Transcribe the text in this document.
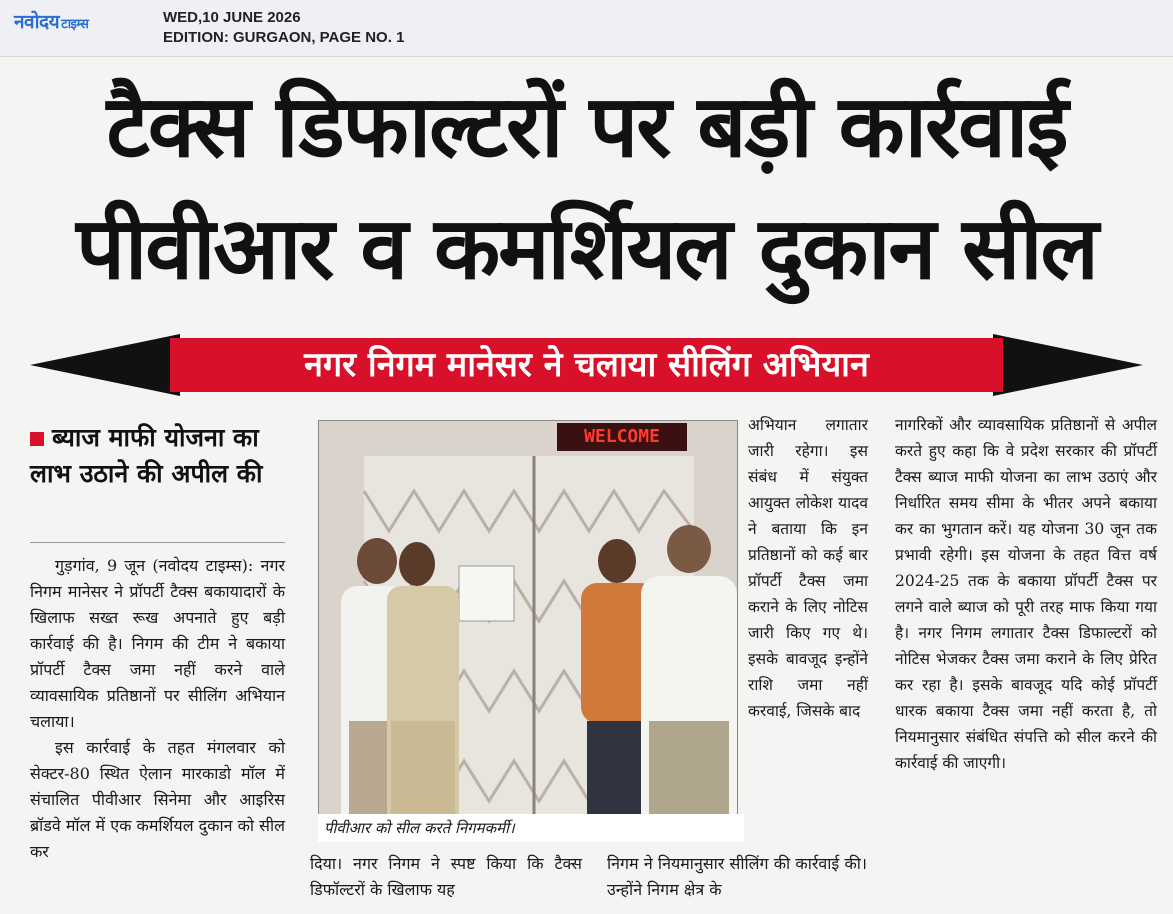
नवोदय टाइम्स	WED,10 JUNE 2026
EDITION: GURGAON, PAGE NO. 1
टैक्स डिफाल्टरों पर बड़ी कार्रवाई
पीवीआर व कमर्शियल दुकान सील
नगर निगम मानेसर ने चलाया सीलिंग अभियान
ब्याज माफी योजना का लाभ उठाने की अपील की

गुड़गांव, 9 जून (नवोदय टाइम्स): नगर निगम मानेसर ने प्रॉपर्टी टैक्स बकायादारों के खिलाफ सख्त रूख अपनाते हुए बड़ी कार्रवाई की है। निगम की टीम ने बकाया प्रॉपर्टी टैक्स जमा नहीं करने वाले व्यावसायिक प्रतिष्ठानों पर सीलिंग अभियान चलाया।

इस कार्रवाई के तहत मंगलवार को सेक्टर-80 स्थित ऐलान मारकाडो मॉल में संचालित पीवीआर सिनेमा और आइरिस ब्रॉडवे मॉल में एक कमर्शियल दुकान को सील कर

WELCOME
पीवीआर को सील करते निगमकर्मी।

दिया। नगर निगम ने स्पष्ट किया कि टैक्स डिफॉल्टरों के खिलाफ यह

अभियान लगातार जारी रहेगा। इस संबंध में संयुक्त आयुक्त लोकेश यादव ने बताया कि इन प्रतिष्ठानों को कई बार प्रॉपर्टी टैक्स जमा कराने के लिए नोटिस जारी किए गए थे। इसके बावजूद इन्होंने राशि जमा नहीं करवाई, जिसके बाद

निगम ने नियमानुसार सीलिंग की कार्रवाई की। उन्होंने निगम क्षेत्र के

नागरिकों और व्यावसायिक प्रतिष्ठानों से अपील करते हुए कहा कि वे प्रदेश सरकार की प्रॉपर्टी टैक्स ब्याज माफी योजना का लाभ उठाएं और निर्धारित समय सीमा के भीतर अपने बकाया कर का भुगतान करें। यह योजना 30 जून तक प्रभावी रहेगी। इस योजना के तहत वित्त वर्ष 2024-25 तक के बकाया प्रॉपर्टी टैक्स पर लगने वाले ब्याज को पूरी तरह माफ किया गया है। नगर निगम लगातार टैक्स डिफाल्टरों को नोटिस भेजकर टैक्स जमा कराने के लिए प्रेरित कर रहा है। इसके बावजूद यदि कोई प्रॉपर्टी धारक बकाया टैक्स जमा नहीं करता है, तो नियमानुसार संबंधित संपत्ति को सील करने की कार्रवाई की जाएगी।
